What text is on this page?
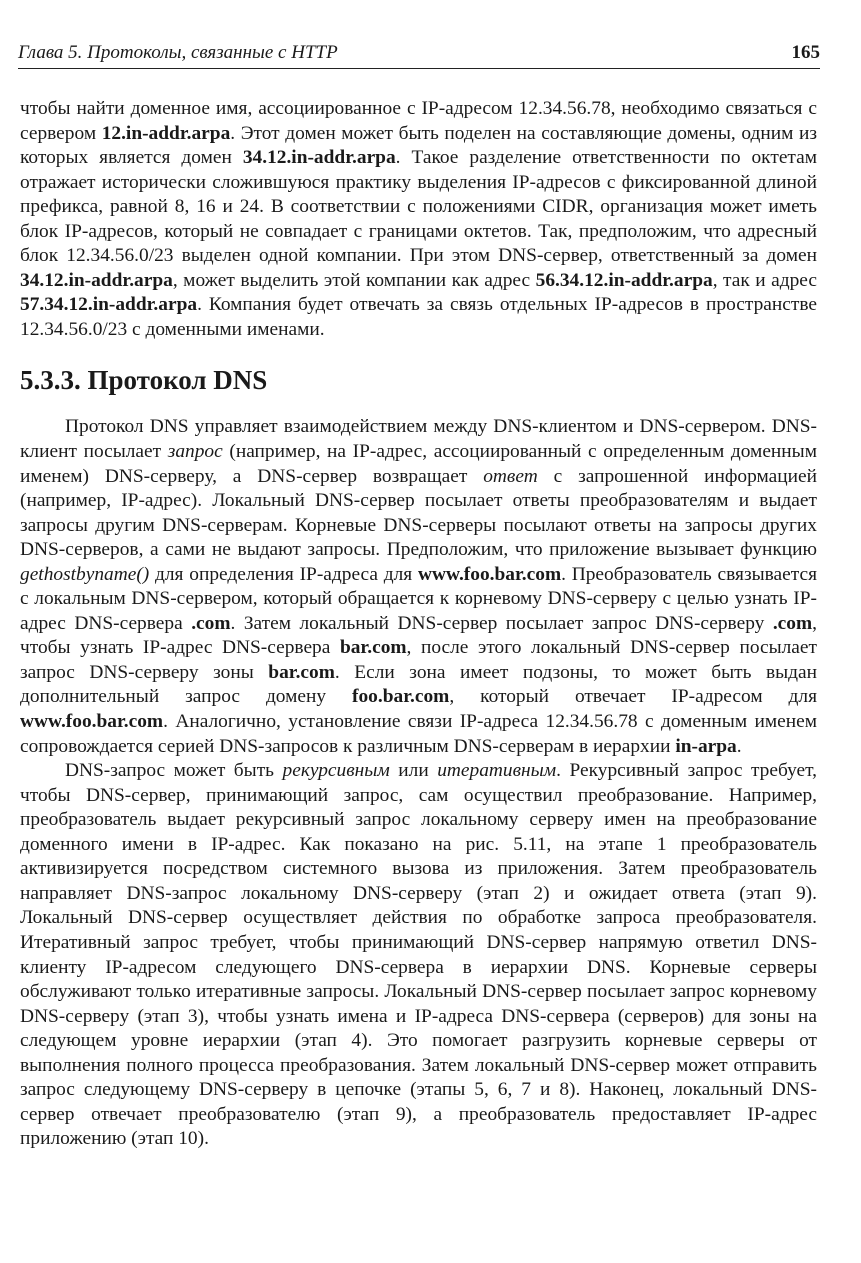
Глава 5. Протоколы, связанные с HTTP	165

чтобы найти доменное имя, ассоциированное с IP-адресом 12.34.56.78, необходимо связаться с сервером 12.in-addr.arpa. Этот домен может быть поделен на составляющие домены, одним из которых является домен 34.12.in-addr.arpa. Такое разделение ответственности по октетам отражает исторически сложившуюся практику выделения IP-адресов с фиксированной длиной префикса, равной 8, 16 и 24. В соответствии с положениями CIDR, организация может иметь блок IP-адресов, который не совпадает с границами октетов. Так, предположим, что адресный блок 12.34.56.0/23 выделен одной компании. При этом DNS-сервер, ответственный за домен 34.12.in-addr.arpa, может выделить этой компании как адрес 56.34.12.in-addr.arpa, так и адрес 57.34.12.in-addr.arpa. Компания будет отвечать за связь отдельных IP-адресов в пространстве 12.34.56.0/23 с доменными именами.

5.3.3. Протокол DNS

Протокол DNS управляет взаимодействием между DNS-клиентом и DNS-сервером. DNS-клиент посылает запрос (например, на IP-адрес, ассоциированный с определенным доменным именем) DNS-серверу, а DNS-сервер возвращает ответ с запрошенной информацией (например, IP-адрес). Локальный DNS-сервер посылает ответы преобразователям и выдает запросы другим DNS-серверам. Корневые DNS-серверы посылают ответы на запросы других DNS-серверов, а сами не выдают запросы. Предположим, что приложение вызывает функцию gethostbyname() для определения IP-адреса для www.foo.bar.com. Преобразователь связывается с локальным DNS-сервером, который обращается к корневому DNS-серверу с целью узнать IP-адрес DNS-сервера .com. Затем локальный DNS-сервер посылает запрос DNS-серверу .com, чтобы узнать IP-адрес DNS-сервера bar.com, после этого локальный DNS-сервер посылает запрос DNS-серверу зоны bar.com. Если зона имеет подзоны, то может быть выдан дополнительный запрос домену foo.bar.com, который отвечает IP-адресом для www.foo.bar.com. Аналогично, установление связи IP-адреса 12.34.56.78 с доменным именем сопровождается серией DNS-запросов к различным DNS-серверам в иерархии in-arpa.

DNS-запрос может быть рекурсивным или итеративным. Рекурсивный запрос требует, чтобы DNS-сервер, принимающий запрос, сам осуществил преобразование. Например, преобразователь выдает рекурсивный запрос локальному серверу имен на преобразование доменного имени в IP-адрес. Как показано на рис. 5.11, на этапе 1 преобразователь активизируется посредством системного вызова из приложения. Затем преобразователь направляет DNS-запрос локальному DNS-серверу (этап 2) и ожидает ответа (этап 9). Локальный DNS-сервер осуществляет действия по обработке запроса преобразователя. Итеративный запрос требует, чтобы принимающий DNS-сервер напрямую ответил DNS-клиенту IP-адресом следующего DNS-сервера в иерархии DNS. Корневые серверы обслуживают только итеративные запросы. Локальный DNS-сервер посылает запрос корневому DNS-серверу (этап 3), чтобы узнать имена и IP-адреса DNS-сервера (серверов) для зоны на следующем уровне иерархии (этап 4). Это помогает разгрузить корневые серверы от выполнения полного процесса преобразования. Затем локальный DNS-сервер может отправить запрос следующему DNS-серверу в цепочке (этапы 5, 6, 7 и 8). Наконец, локальный DNS-сервер отвечает преобразователю (этап 9), а преобразователь предоставляет IP-адрес приложению (этап 10).
